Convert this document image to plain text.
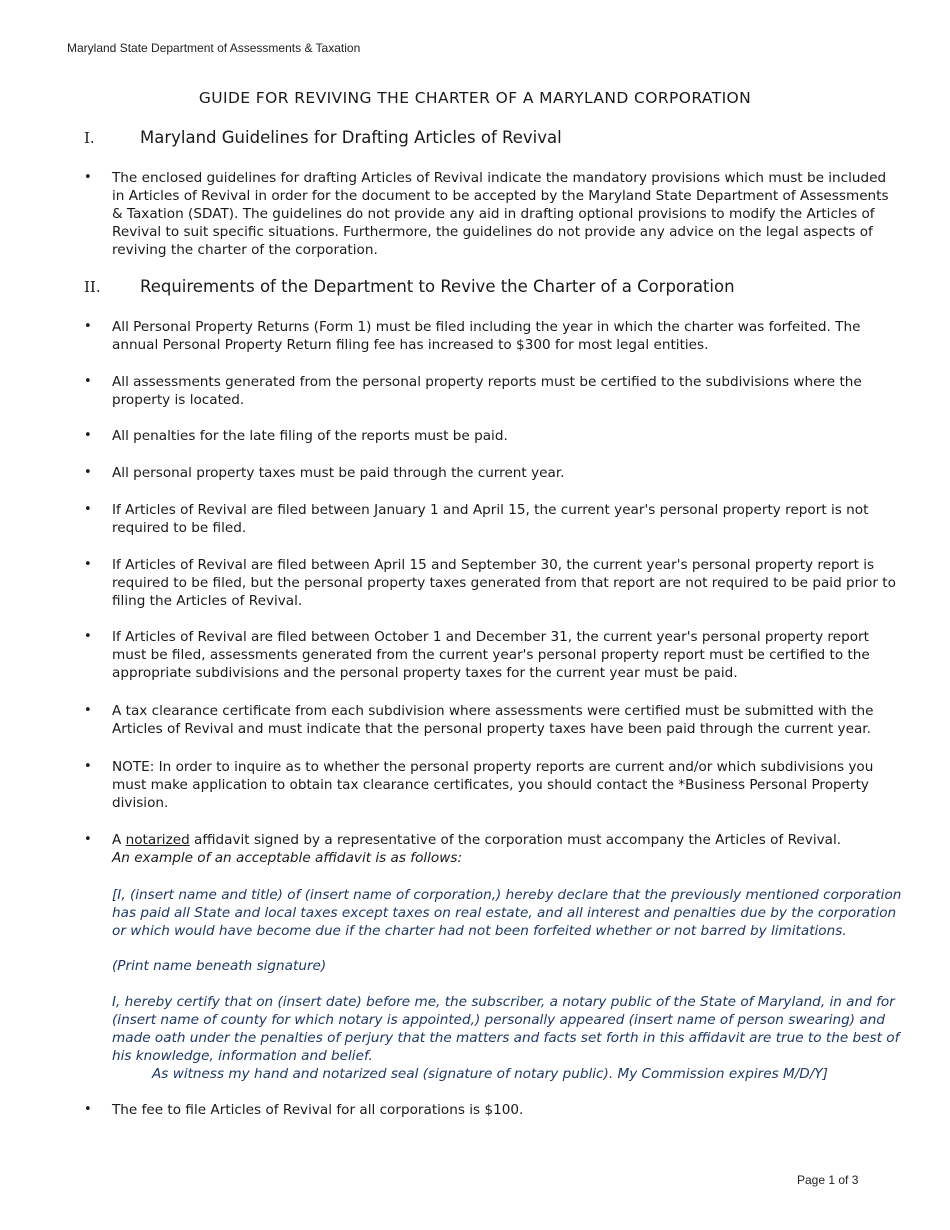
Maryland State Department of Assessments & Taxation
GUIDE FOR REVIVING THE CHARTER OF A MARYLAND CORPORATION
I.	Maryland Guidelines for Drafting Articles of Revival
• The enclosed guidelines for drafting Articles of Revival indicate the mandatory provisions which must be included in Articles of Revival in order for the document to be accepted by the Maryland State Department of Assessments & Taxation (SDAT). The guidelines do not provide any aid in drafting optional provisions to modify the Articles of Revival to suit specific situations. Furthermore, the guidelines do not provide any advice on the legal aspects of reviving the charter of the corporation.
II. Requirements of the Department to Revive the Charter of a Corporation
• All Personal Property Returns (Form 1) must be filed including the year in which the charter was forfeited. The annual Personal Property Return filing fee has increased to $300 for most legal entities.
• All assessments generated from the personal property reports must be certified to the subdivisions where the property is located.
• All penalties for the late filing of the reports must be paid.
• All personal property taxes must be paid through the current year.
• If Articles of Revival are filed between January 1 and April 15, the current year's personal property report is not required to be filed.
• If Articles of Revival are filed between April 15 and September 30, the current year's personal property report is required to be filed, but the personal property taxes generated from that report are not required to be paid prior to filing the Articles of Revival.
• If Articles of Revival are filed between October 1 and December 31, the current year's personal property report must be filed, assessments generated from the current year's personal property report must be certified to the appropriate subdivisions and the personal property taxes for the current year must be paid.
• A tax clearance certificate from each subdivision where assessments were certified must be submitted with the Articles of Revival and must indicate that the personal property taxes have been paid through the current year.
• NOTE: In order to inquire as to whether the personal property reports are current and/or which subdivisions you must make application to obtain tax clearance certificates, you should contact the *Business Personal Property division.
• A notarized affidavit signed by a representative of the corporation must accompany the Articles of Revival.
An example of an acceptable affidavit is as follows:
[I, (insert name and title) of (insert name of corporation,) hereby declare that the previously mentioned corporation has paid all State and local taxes except taxes on real estate, and all interest and penalties due by the corporation or which would have become due if the charter had not been forfeited whether or not barred by limitations.
(Print name beneath signature)
I, hereby certify that on (insert date) before me, the subscriber, a notary public of the State of Maryland, in and for (insert name of county for which notary is appointed,) personally appeared (insert name of person swearing) and made oath under the penalties of perjury that the matters and facts set forth in this affidavit are true to the best of his knowledge, information and belief.
As witness my hand and notarized seal (signature of notary public). My Commission expires M/D/Y]
• The fee to file Articles of Revival for all corporations is $100.
Page 1 of 3
